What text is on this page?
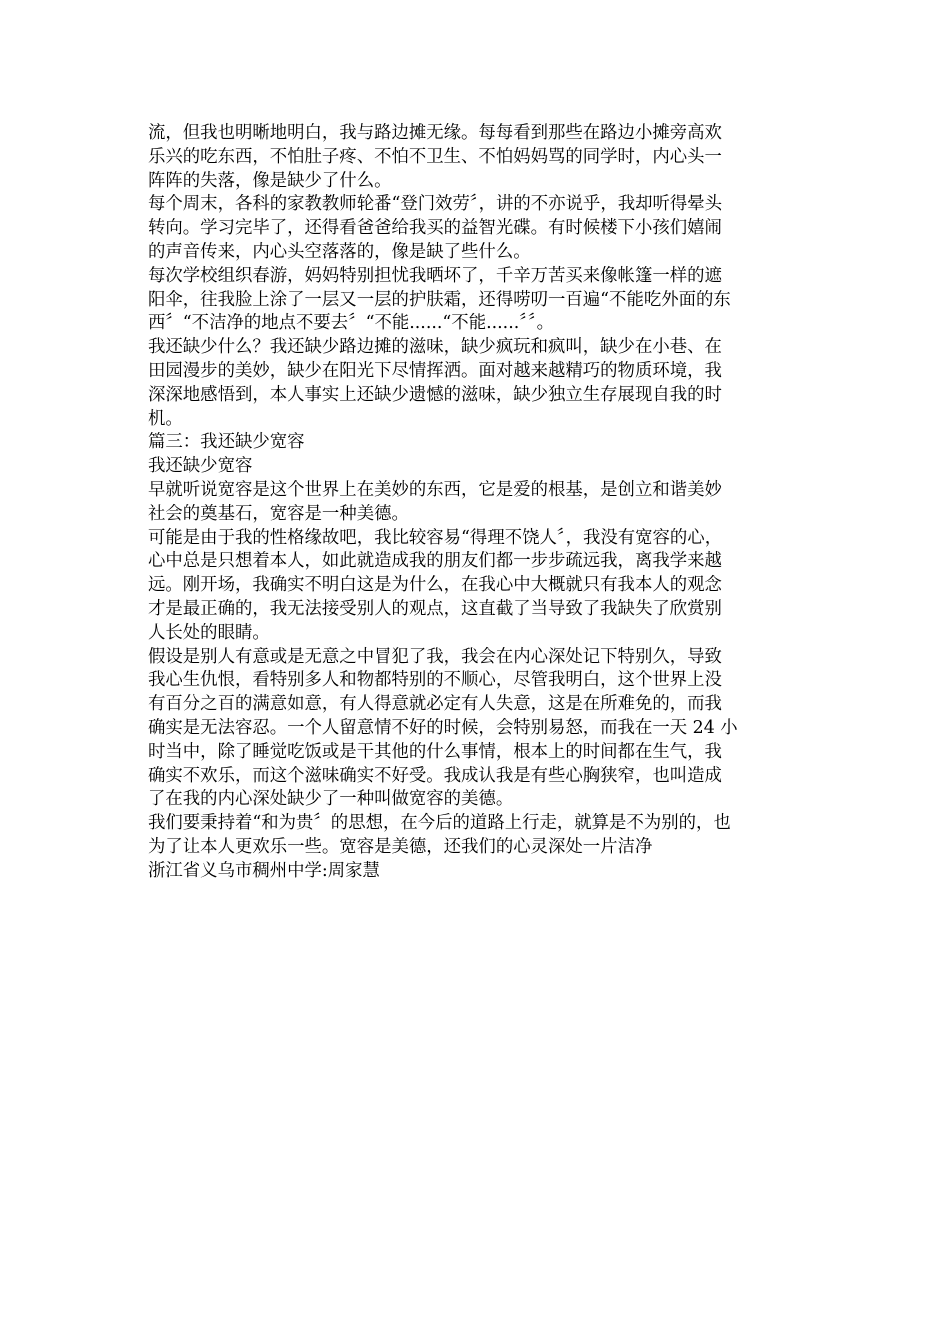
流，但我也明晰地明白，我与路边摊无缘。每每看到那些在路边小摊旁高欢
乐兴的吃东西，不怕肚子疼、不怕不卫生、不怕妈妈骂的同学时，内心头一
阵阵的失落，像是缺少了什么。
每个周末，各科的家教教师轮番“登门效劳〞，讲的不亦说乎，我却听得晕头
转向。学习完毕了，还得看爸爸给我买的益智光碟。有时候楼下小孩们嬉闹
的声音传来，内心头空落落的，像是缺了些什么。
每次学校组织春游，妈妈特别担忧我晒坏了，千辛万苦买来像帐篷一样的遮
阳伞，往我脸上涂了一层又一层的护肤霜，还得唠叨一百遍“不能吃外面的东
西〞“不洁净的地点不要去〞“不能......“不能......〞〞。
我还缺少什么？我还缺少路边摊的滋味，缺少疯玩和疯叫，缺少在小巷、在
田园漫步的美妙，缺少在阳光下尽情挥洒。面对越来越精巧的物质环境，我
深深地感悟到，本人事实上还缺少遗憾的滋味，缺少独立生存展现自我的时
机。
篇三：我还缺少宽容
我还缺少宽容
早就听说宽容是这个世界上在美妙的东西，它是爱的根基，是创立和谐美妙
社会的奠基石，宽容是一种美德。
可能是由于我的性格缘故吧，我比较容易“得理不饶人〞，我没有宽容的心，
心中总是只想着本人，如此就造成我的朋友们都一步步疏远我，离我学来越
远。刚开场，我确实不明白这是为什么，在我心中大概就只有我本人的观念
才是最正确的，我无法接受别人的观点，这直截了当导致了我缺失了欣赏别
人长处的眼睛。
假设是别人有意或是无意之中冒犯了我，我会在内心深处记下特别久，导致
我心生仇恨，看特别多人和物都特别的不顺心，尽管我明白，这个世界上没
有百分之百的满意如意，有人得意就必定有人失意，这是在所难免的，而我
确实是无法容忍。一个人留意情不好的时候，会特别易怒，而我在一天 24 小
时当中，除了睡觉吃饭或是干其他的什么事情，根本上的时间都在生气，我
确实不欢乐，而这个滋味确实不好受。我成认我是有些心胸狭窄，也叫造成
了在我的内心深处缺少了一种叫做宽容的美德。
我们要秉持着“和为贵〞的思想，在今后的道路上行走，就算是不为别的，也
为了让本人更欢乐一些。宽容是美德，还我们的心灵深处一片洁净
浙江省义乌市稠州中学:周家慧
